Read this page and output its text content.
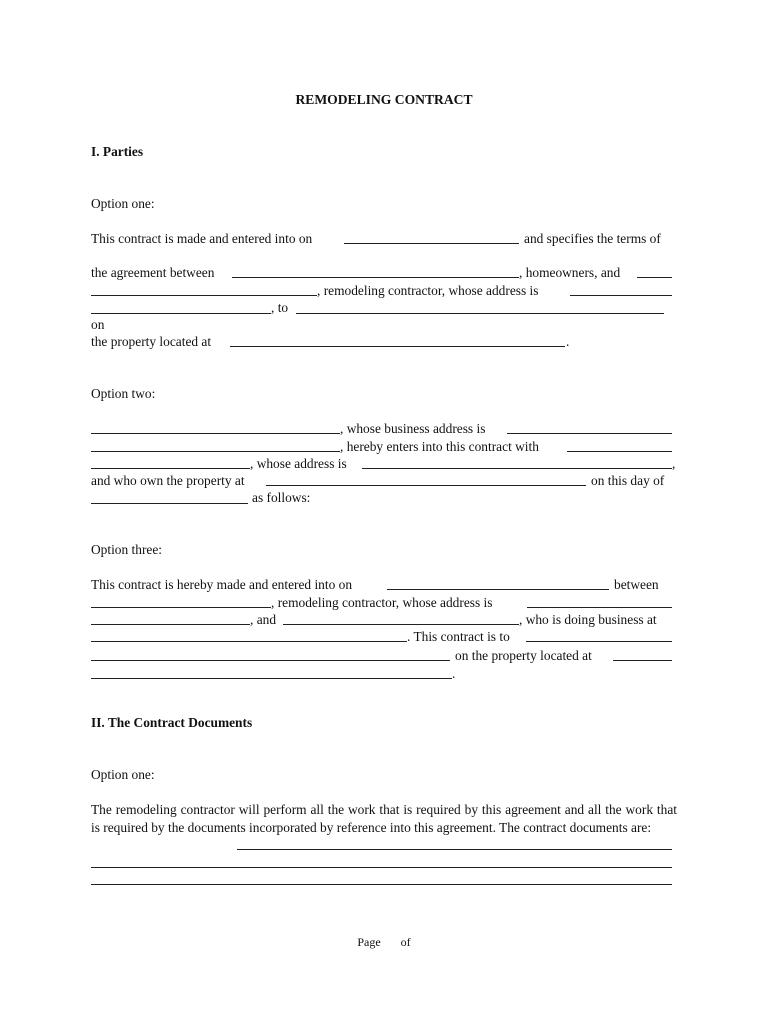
REMODELING CONTRACT
I. Parties
Option one:
This contract is made and entered into on	and specifies the terms of
the agreement between	, homeowners, and
, remodeling contractor, whose address is
, to
on
the property located at	.
Option two:
, whose business address is
, hereby enters into this contract with
, whose address is	,
and who own the property at	on this day of
as follows:
Option three:
This contract is hereby made and entered into on	between
, remodeling contractor, whose address is
, and	, who is doing business at
. This contract is to
on the property located at
.
II. The Contract Documents
Option one:
The remodeling contractor will perform all the work that is required by this agreement and all the work that is required by the documents incorporated by reference into this agreement. The contract documents are:
Page of
